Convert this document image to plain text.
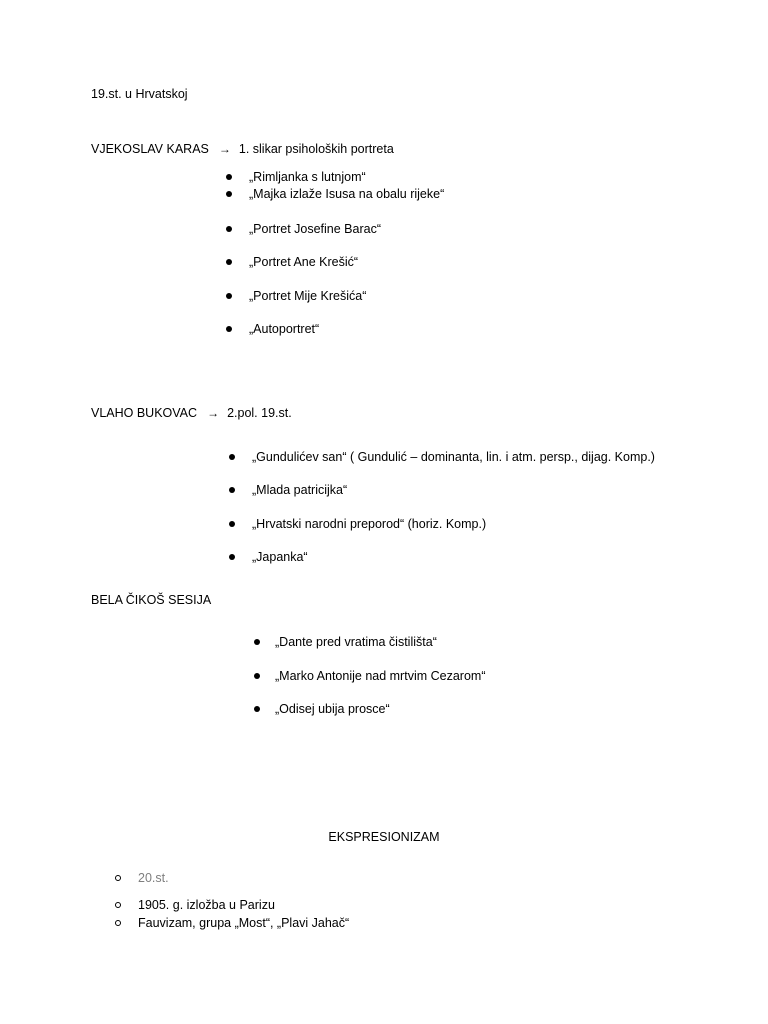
19.st. u Hrvatskoj
VJEKOSLAV KARAS → 1. slikar psiholoških portreta
„Rimljanka s lutnjom“
„Majka izlaže Isusa na obalu rijeke“
„Portret Josefine Barac“
„Portret Ane Krešić“
„Portret Mije Krešića“
„Autoportret“
VLAHO BUKOVAC → 2.pol. 19.st.
„Gundulićev san“ ( Gundulić – dominanta, lin. i atm. persp., dijag. Komp.)
„Mlada patricijka“
„Hrvatski narodni preporod“ (horiz. Komp.)
„Japanka“
BELA ČIKOŠ SESIJA
„Dante pred vratima čistilišta“
„Marko Antonije nad mrtvim Cezarom“
„Odisej ubija prosce“
EKSPRESIONIZAM
20.st.
1905. g. izložba u Parizu
Fauvizam, grupa „Most“, „Plavi Jahač“
